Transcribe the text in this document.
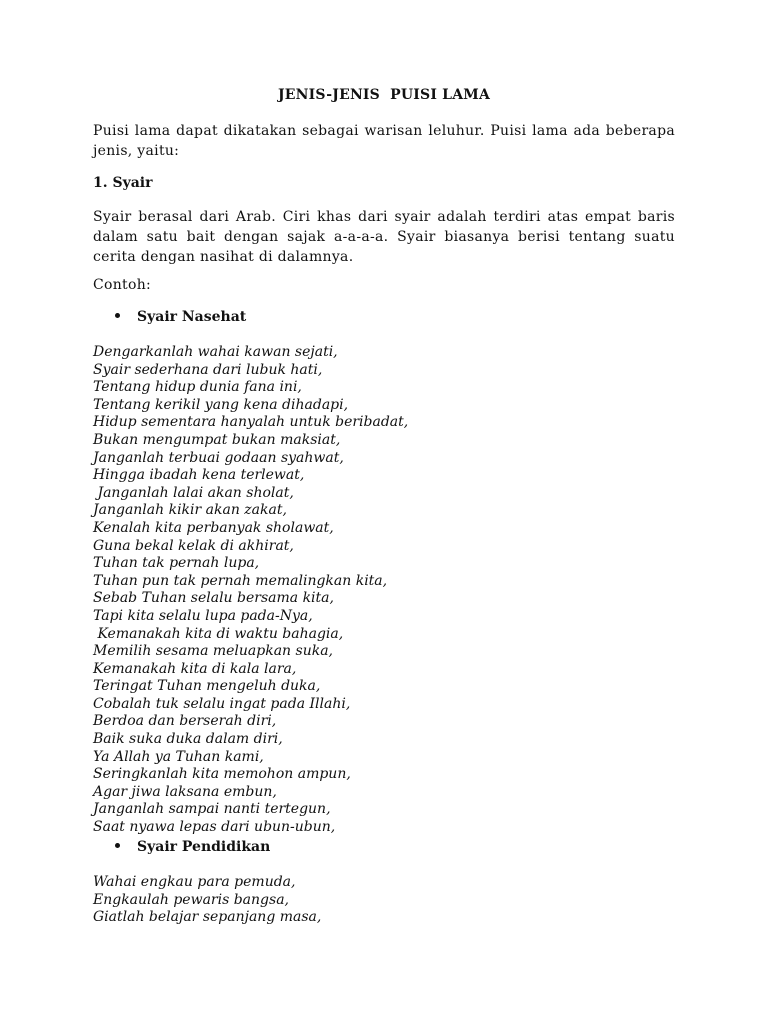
JENIS-JENIS  PUISI LAMA

Puisi lama dapat dikatakan sebagai warisan leluhur. Puisi lama ada beberapa jenis, yaitu:

1. Syair

Syair berasal dari Arab. Ciri khas dari syair adalah terdiri atas empat baris dalam satu bait dengan sajak a-a-a-a. Syair biasanya berisi tentang suatu cerita dengan nasihat di dalamnya.

Contoh:
Syair Nasehat
Dengarkanlah wahai kawan sejati,
Syair sederhana dari lubuk hati,
Tentang hidup dunia fana ini,
Tentang kerikil yang kena dihadapi,
Hidup sementara hanyalah untuk beribadat,
Bukan mengumpat bukan maksiat,
Janganlah terbuai godaan syahwat,
Hingga ibadah kena terlewat,
Janganlah lalai akan sholat,
Janganlah kikir akan zakat,
Kenalah kita perbanyak sholawat,
Guna bekal kelak di akhirat,
Tuhan tak pernah lupa,
Tuhan pun tak pernah memalingkan kita,
Sebab Tuhan selalu bersama kita,
Tapi kita selalu lupa pada-Nya,
Kemanakah kita di waktu bahagia,
Memilih sesama meluapkan suka,
Kemanakah kita di kala lara,
Teringat Tuhan mengeluh duka,
Cobalah tuk selalu ingat pada Illahi,
Berdoa dan berserah diri,
Baik suka duka dalam diri,
Ya Allah ya Tuhan kami,
Seringkanlah kita memohon ampun,
Agar jiwa laksana embun,
Janganlah sampai nanti tertegun,
Saat nyawa lepas dari ubun-ubun,
Syair Pendidikan
Wahai engkau para pemuda,
Engkaulah pewaris bangsa,
Giatlah belajar sepanjang masa,
